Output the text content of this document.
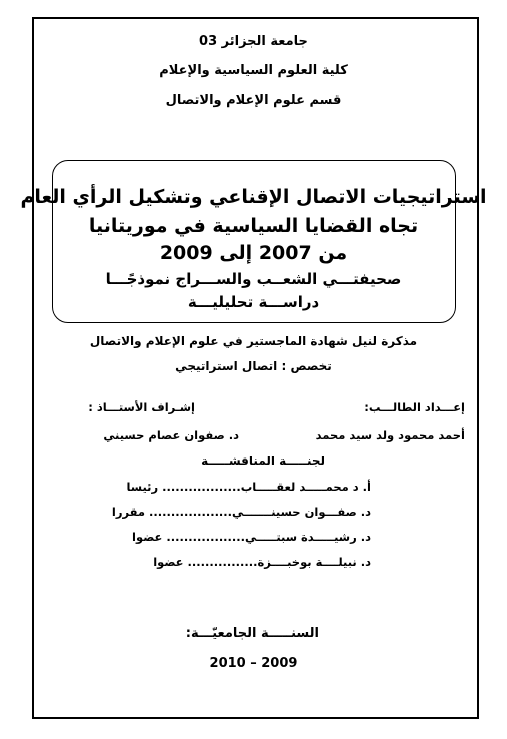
جامعة الجزائر 03
كلية العلوم السياسية والإعلام
قسم علوم الإعلام والاتصال
استراتيجيات الاتصال الإقناعي وتشكيل الرأي العام
تجاه القضايا السياسية في موريتانيا
من 2007 إلى 2009
صحيفتـــي الشعــب والســـراج نموذجًـــا
دراســـة تحليليـــة
مذكرة لنيل شهادة الماجستير في علوم الإعلام والاتصال
تخصص : اتصال استراتيجي
إعـــداد الطالـــب:
إشـراف الأستـــاذ :
أحمد محمود ولد سيد محمد
د. صفوان عصام حسيني
لجنـــــة المناقشـــــة
أ. د محمـــــد لعقـــــاب.................. رئيسا
د. صفـــوان حسينـــــــي................... مقررا
د. رشيـــــدة سبتـــــي.................. عضوا
د. نبيلــــة بوخبــــزة................ عضوا
السنـــــة الجامعيّـــة:
2010 – 2009
